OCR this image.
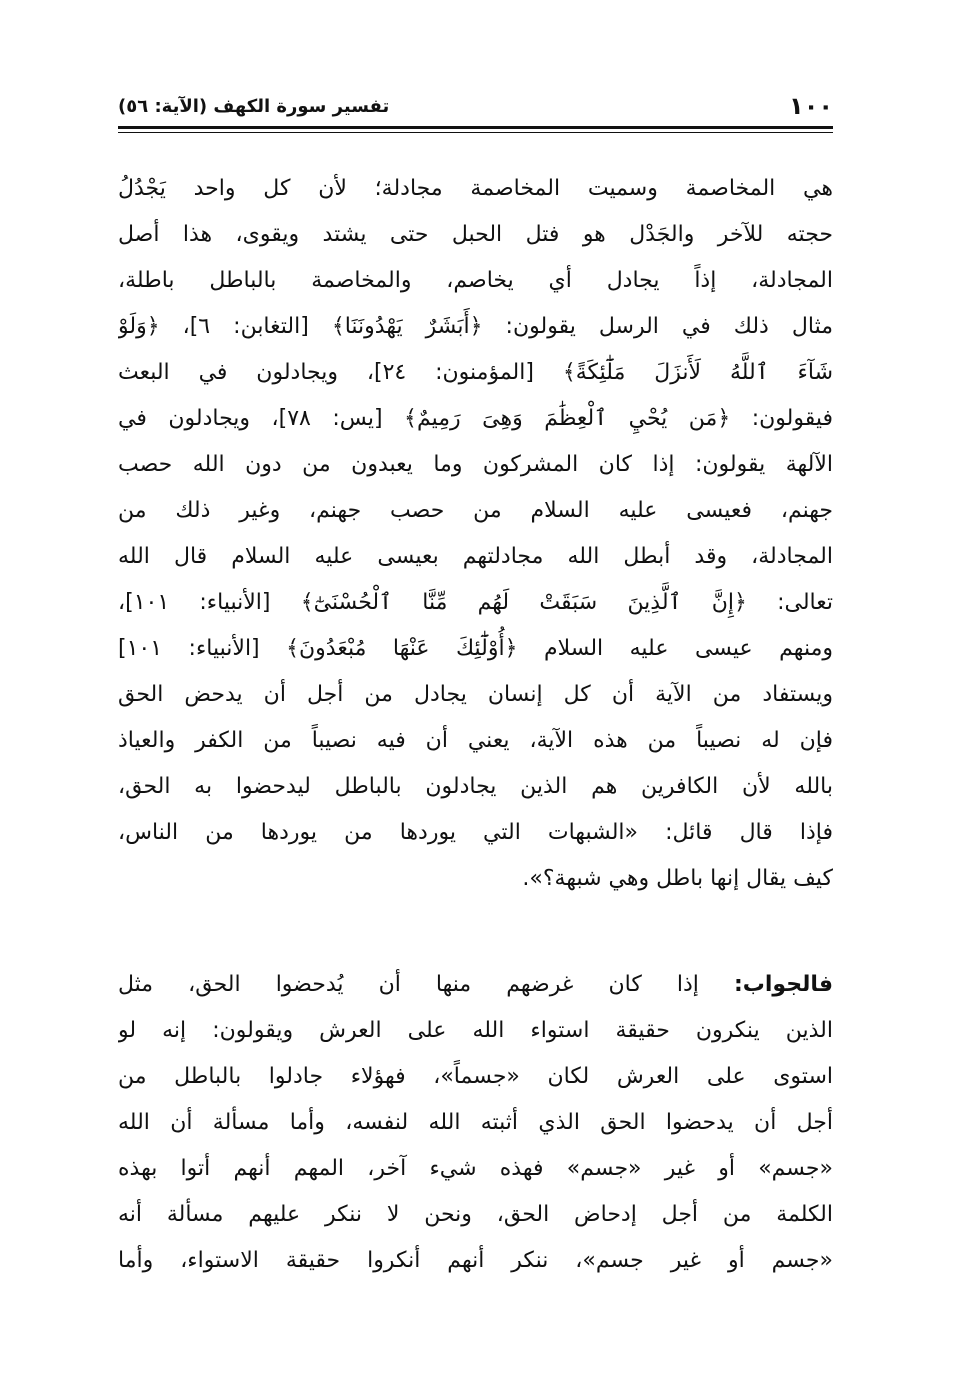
١٠٠
تفسير سورة الكهف (الآية: ٥٦)
هي المخاصمة وسميت المخاصمة مجادلة؛ لأن كل واحد يَجْدُلُ
حجته للآخر والجَدْل هو فتل الحبل حتى يشتد ويقوى، هذا أصل
المجادلة، إذاً يجادل أي يخاصم، والمخاصمة بالباطل باطلة،
مثال ذلك في الرسل يقولون: ﴿أَبَشَرٌ يَهْدُونَنَا﴾ [التغابن: ٦]، ﴿وَلَوْ
شَآءَ ٱللَّهُ لَأَنزَلَ مَلَٰٓئِكَةً﴾ [المؤمنون: ٢٤]، ويجادلون في البعث
فيقولون: ﴿مَن يُحْيِ ٱلْعِظَٰمَ وَهِىَ رَمِيمٌ﴾ [يس: ٧٨]، ويجادلون في
الآلهة يقولون: إذا كان المشركون وما يعبدون من دون الله حصب
جهنم، فعيسى عليه السلام من حصب جهنم، وغير ذلك من
المجادلة، وقد أبطل الله مجادلتهم بعيسى عليه السلام قال الله
تعالى: ﴿إِنَّ ٱلَّذِينَ سَبَقَتْ لَهُم مِّنَّا ٱلْحُسْنَىٰٓ﴾ [الأنبياء: ١٠١]،
ومنهم عيسى عليه السلام ﴿أُوْلَٰٓئِكَ عَنْهَا مُبْعَدُونَ﴾ [الأنبياء: ١٠١]
ويستفاد من الآية أن كل إنسان يجادل من أجل أن يدحض الحق
فإن له نصيباً من هذه الآية، يعني أن فيه نصيباً من الكفر والعياذ
بالله لأن الكافرين هم الذين يجادلون بالباطل ليدحضوا به الحق،
فإذا قال قائل: «الشبهات التي يوردها من يوردها من الناس،
كيف يقال إنها باطل وهي شبهة؟».
فالجواب: إذا كان غرضهم منها أن يُدحضوا الحق، مثل
الذين ينكرون حقيقة استواء الله على العرش ويقولون: إنه لو
استوى على العرش لكان «جسماً»، فهؤلاء جادلوا بالباطل من
أجل أن يدحضوا الحق الذي أثبته الله لنفسه، وأما مسألة أن الله
«جسم» أو غير «جسم» فهذه شيء آخر، المهم أنهم أتوا بهذه
الكلمة من أجل إدحاض الحق، ونحن لا ننكر عليهم مسألة أنه
«جسم أو غير جسم»، ننكر أنهم أنكروا حقيقة الاستواء، وأما
